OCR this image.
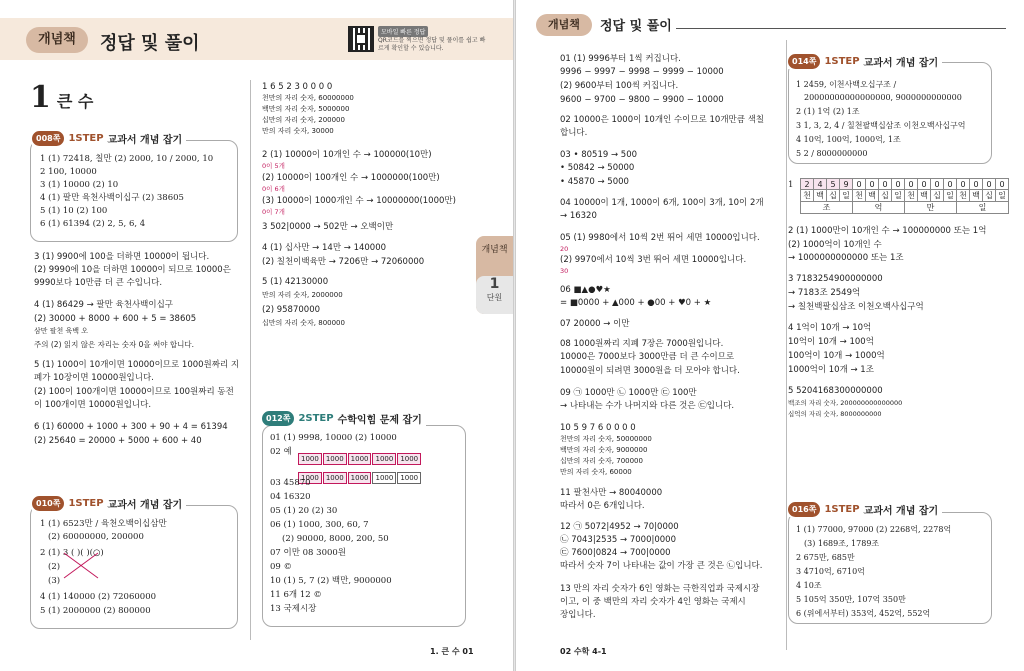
개념책	정답 및 풀이
모바일 빠른 정답
QR코드를 찍으면 정답 및 풀이를 쉽고 빠르게 확인할 수 있습니다.
1 큰 수
008쪽 1STEP 교과서 개념 잡기
1 (1) 72418, 칠만 (2) 2000, 10 / 2000, 10
2 100, 10000
3 (1) 10000 (2) 10
4 (1) 팔만 육천사백이십구 (2) 38605
5 (1) 10 (2) 100
6 (1) 61394 (2) 2, 5, 6, 4
3 (1) 9900에 100을 더하면 10000이 됩니다.
(2) 9990에 10을 더하면 10000이 되므로 10000은
9990보다 10만큼 더 큰 수입니다.
4 (1) 86429 → 팔만 육천사백이십구
(2) 30000 + 8000 + 600 + 5 = 38605
삼만 팔천 육백 오
주의 (2) 읽지 않은 자리는 숫자 0을 써야 합니다.
5 (1) 1000이 10개이면 10000이므로 1000원짜리 지
폐가 10장이면 10000원입니다.
(2) 100이 100개이면 10000이므로 100원짜리 동전
이 100개이면 10000원입니다.
6 (1) 60000 + 1000 + 300 + 90 + 4 = 61394
(2) 25640 = 20000 + 5000 + 600 + 40
010쪽 1STEP 교과서 개념 잡기
1 (1) 6523만 / 육천오백이십삼만
(2) 60000000, 200000
2 (1) 3 ( )( )(○)
(2)
(3)
4 (1) 140000 (2) 72060000
5 (1) 2000000 (2) 800000
1 6 5 2 3 0 0 0 0
천만의 자리 숫자, 60000000
백만의 자리 숫자, 5000000
십만의 자리 숫자, 200000
만의 자리 숫자, 30000
2 (1) 10000이 10개인 수 → 100000(10만)
0이 5개
(2) 10000이 100개인 수 → 1000000(100만)
0이 6개
(3) 10000이 1000개인 수 → 10000000(1000만)
0이 7개
3 502|0000 → 502만 → 오백이만
4 (1) 십사만 → 14만 → 140000
(2) 칠천이백육만 → 7206만 → 72060000
5 (1) 42130000
만의 자리 숫자, 2000000
(2) 95870000
십만의 자리 숫자, 800000
012쪽 2STEP 수학익힘 문제 잡기
01 (1) 9998, 10000 (2) 10000
02 예
1000 1000 1000 1000 1000
1000 1000 1000 1000 1000
03 45870
04 16320
05 (1) 20 (2) 30
06 (1) 1000, 300, 60, 7
(2) 90000, 8000, 200, 50
07 이만 08 3000원
09 ©
10 (1) 5, 7 (2) 백만, 9000000
11 6개 12 ©
13 국제시장
개념책
1
단원
1. 큰 수 01
개념책	정답 및 풀이
01 (1) 9996부터 1씩 커집니다.
9996 − 9997 − 9998 − 9999 − 10000
(2) 9600부터 100씩 커집니다.
9600 − 9700 − 9800 − 9900 − 10000
02 10000은 1000이 10개인 수이므로 10개만큼 색칠
합니다.
03 • 80519 → 500
• 50842 → 50000
• 45870 → 5000
04 10000이 1개, 1000이 6개, 100이 3개, 10이 2개
→ 16320
05 (1) 9980에서 10씩 2번 뛰어 세면 10000입니다.
20
(2) 9970에서 10씩 3번 뛰어 세면 10000입니다.
30
06 ■▲●♥★
= ■0000 + ▲000 + ●00 + ♥0 + ★
07 20000 → 이만
08 1000원짜리 지폐 7장은 7000원입니다.
10000은 7000보다 3000만큼 더 큰 수이므로
10000원이 되려면 3000원을 더 모아야 합니다.
09 ㉠ 1000만 ㉡ 1000만 ㉢ 100만
→ 나타내는 수가 나머지와 다른 것은 ㉢입니다.
10 5 9 7 6 0 0 0 0
천만의 자리 숫자, 50000000
백만의 자리 숫자, 9000000
십만의 자리 숫자, 700000
만의 자리 숫자, 60000
11 팔천사만 → 80040000
따라서 0은 6개입니다.
12 ㉠ 5072|4952 → 70|0000
㉡ 7043|2535 → 7000|0000
㉢ 7600|0824 → 700|0000
따라서 숫자 7이 나타내는 값이 가장 큰 것은 ㉡입니다.
13 만의 자리 숫자가 6인 영화는 극한직업과 국제시장
이고, 이 중 백만의 자리 숫자가 4인 영화는 국제시
장입니다.
014쪽 1STEP 교과서 개념 잡기
1 2459, 이천사백오십구조 /
20000000000000000, 9000000000000
2 (1) 1억 (2) 1조
3 1, 3, 2, 4 / 칠천팔백십삼조 이천오백사십구억
4 10억, 100억, 1000억, 1조
5 2 / 8000000000
1 2	4	5	9	0	0	0	0	0	0	0	0	0	0	0	0
천	백	십	일	천	백	십	일	천	백	십	일	천	백	십	일
조				억				만				일			
2 (1) 1000만이 10개인 수 → 100000000 또는 1억
(2) 1000억이 10개인 수
→ 1000000000000 또는 1조
3 7183254900000000
→ 7183조 2549억
→ 칠천백팔십삼조 이천오백사십구억
4 1억이 10개 → 10억
10억이 10개 → 100억
100억이 10개 → 1000억
1000억이 10개 → 1조
5 5204168300000000
백조의 자리 숫자, 200000000000000
십억의 자리 숫자, 8000000000
016쪽 1STEP 교과서 개념 잡기
1 (1) 77000, 97000 (2) 2268억, 2278억
(3) 1689조, 1789조
2 675만, 685만
3 4710억, 6710억
4 10조
5 105억 350만, 107억 350만
6 (위에서부터) 353억, 452억, 552억
02 수학 4-1
